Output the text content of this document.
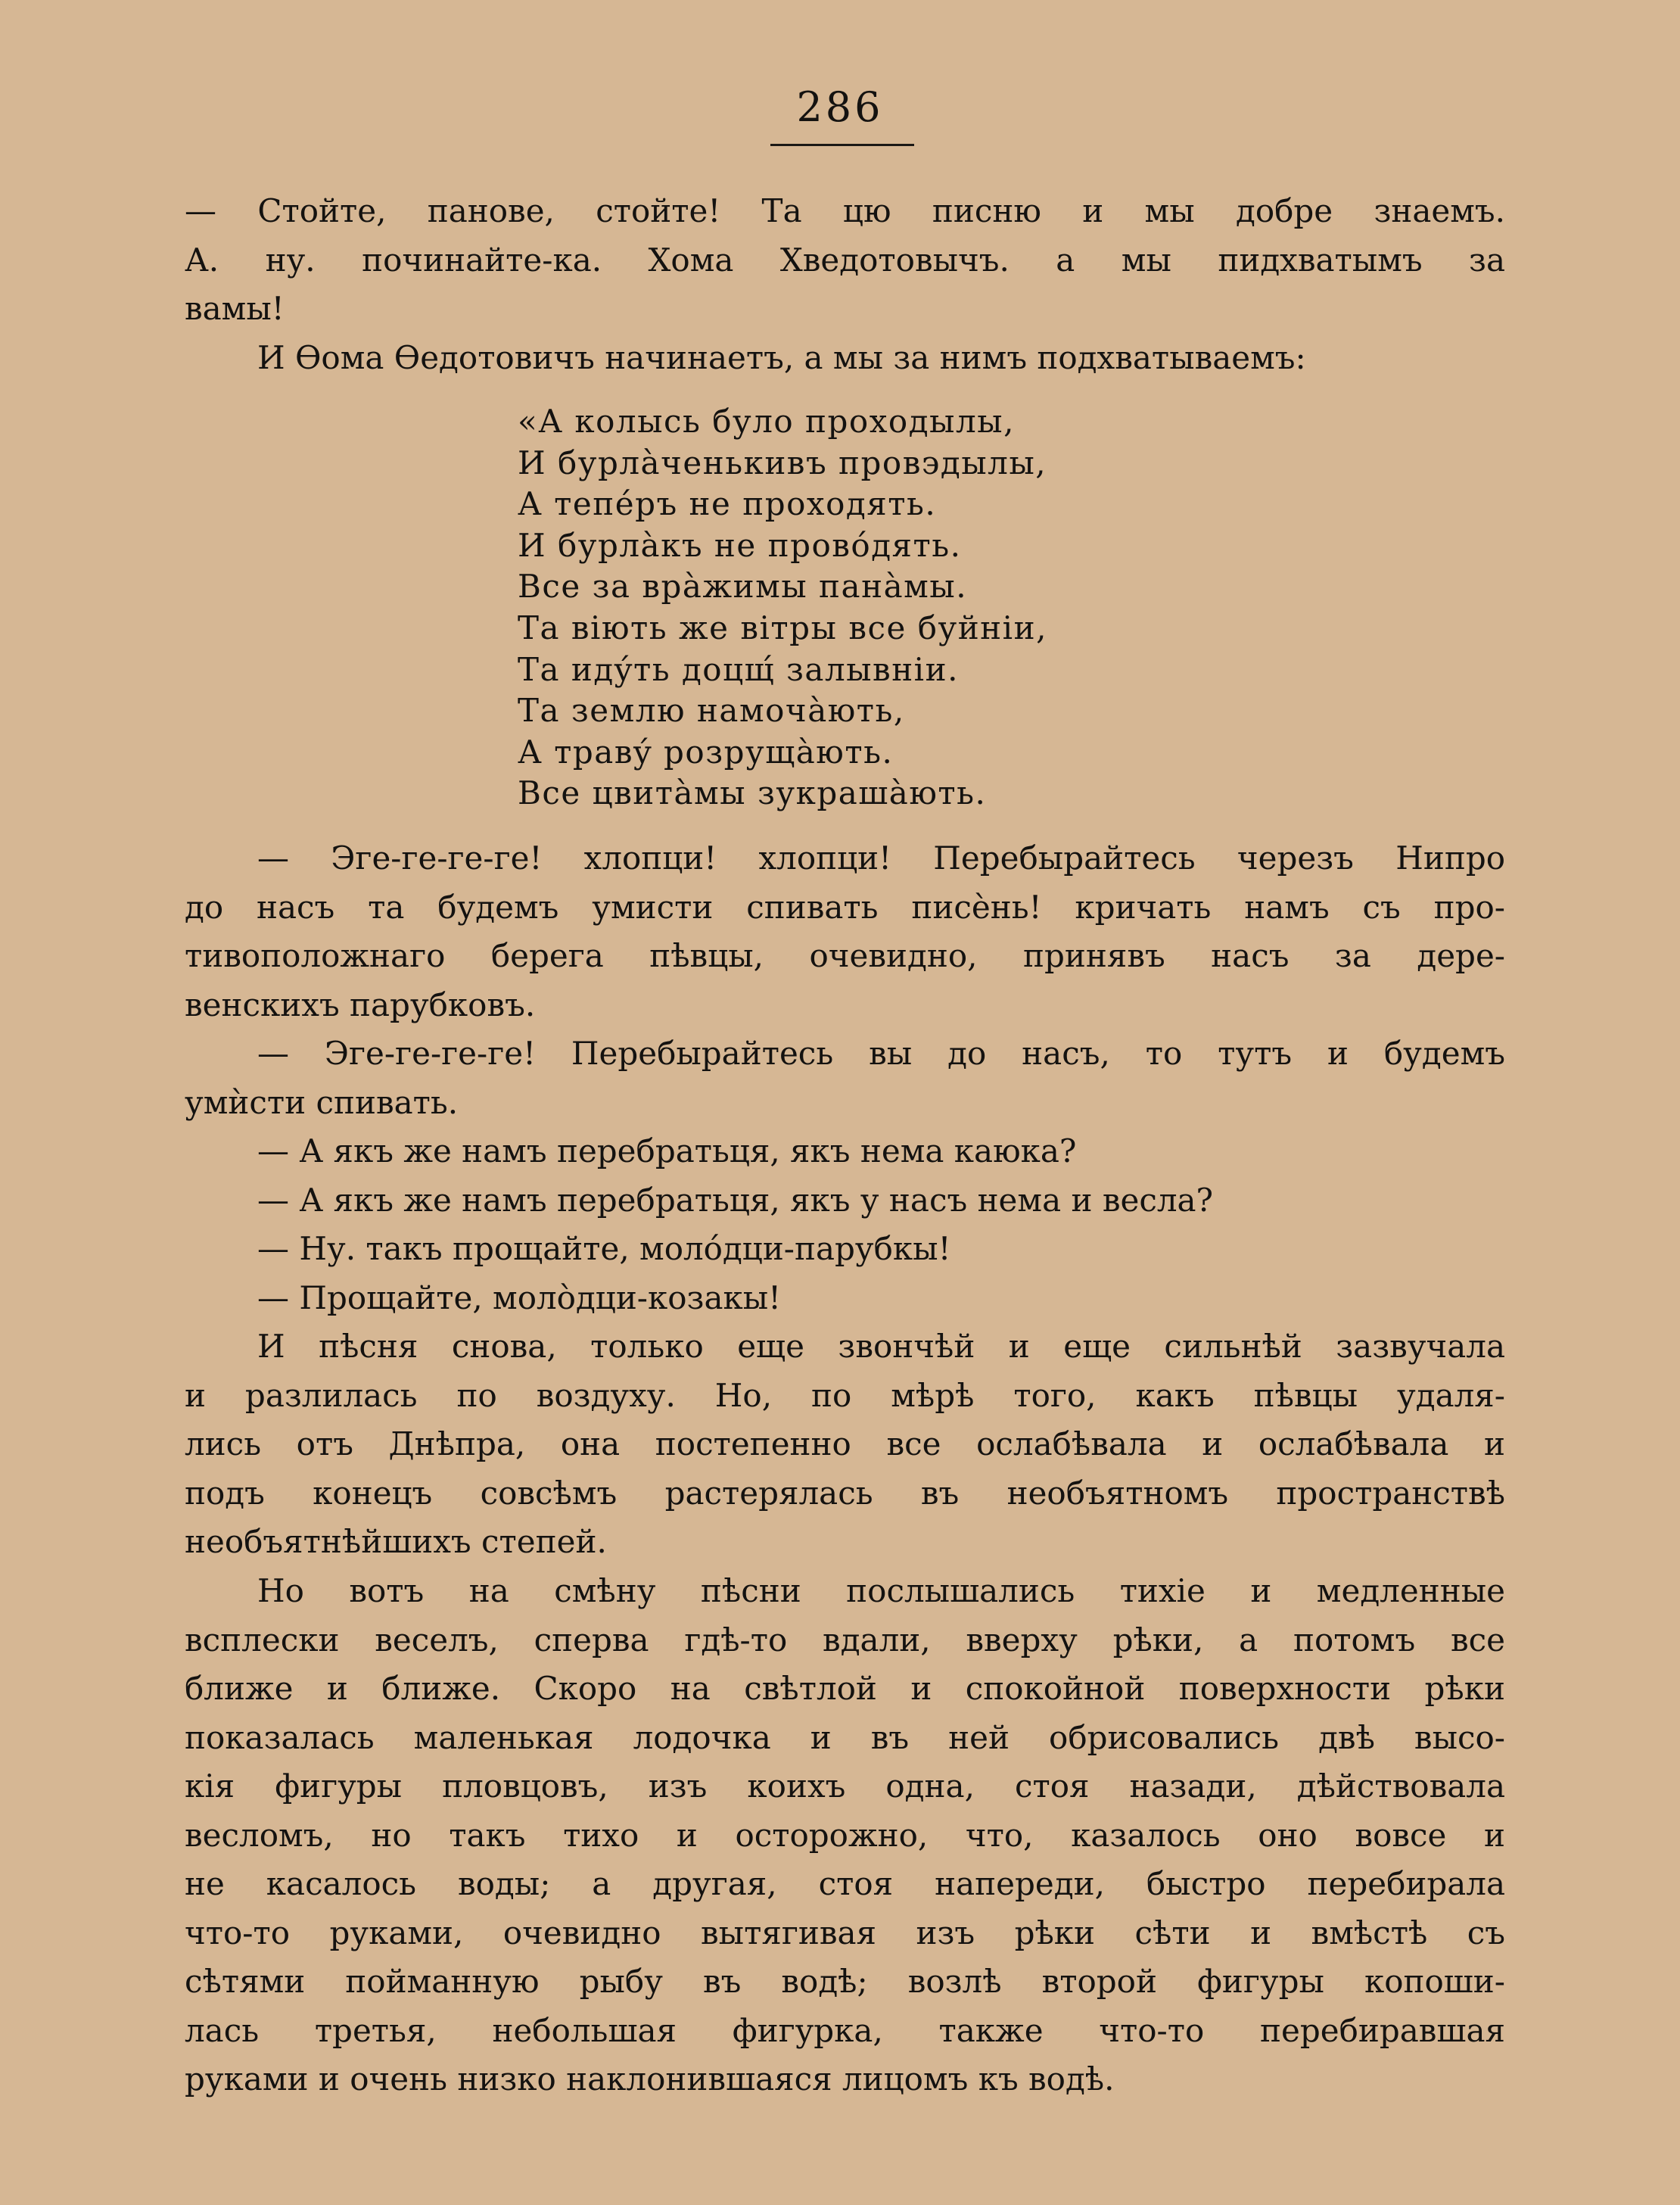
286
— Стойте, панове, стойте! Та цю писню и мы добре знаемъ.
А. ну. починайте-ка. Хома Хведотовычъ. а мы пидхватымъ за
вамы!
И Ѳома Ѳедотовичъ начинаетъ, а мы за нимъ подхватываемъ:
«А колысь було проходылы,
И бурлàченькивъ провэдылы,
А тепéръ не проходять.
И бурлàкъ не провóдять.
Все за врàжимы панàмы.
Та вiють же вiтры все буйнiи,
Та идýть доцщ́ залывнiи.
Та землю намочàють,
А травý розрущàють.
Все цвитàмы зукрашàють.
— Эге-ге-ге-ге! хлопци! хлопци! Перебырайтесь черезъ Нипро
до насъ та будемъ умисти спивать писèнь! кричать намъ съ про-
тивоположнаго берега пѣвцы, очевидно, принявъ насъ за дере-
венскихъ парубковъ.
— Эге-ге-ге-ге! Перебырайтесь вы до насъ, то тутъ и будемъ
умѝсти спивать.
— А якъ же намъ перебратьця, якъ нема каюка?
— А якъ же намъ перебратьця, якъ у насъ нема и весла?
— Ну. такъ прощайте, молóдци-парубкы!
— Прощайте, молòдци-козакы!
И пѣсня снова, только еще звончѣй и еще сильнѣй зазвучала
и разлилась по воздуху. Но, по мѣрѣ того, какъ пѣвцы удаля-
лись отъ Днѣпра, она постепенно все ослабѣвала и ослабѣвала и
подъ конецъ совсѣмъ растерялась въ необъятномъ пространствѣ
необъятнѣйшихъ степей.
Но вотъ на смѣну пѣсни послышались тихiе и медленные
всплески веселъ, сперва гдѣ-то вдали, вверху рѣки, а потомъ все
ближе и ближе. Скоро на свѣтлой и спокойной поверхности рѣки
показалась маленькая лодочка и въ ней обрисовались двѣ высо-
кiя фигуры пловцовъ, изъ коихъ одна, стоя назади, дѣйствовала
весломъ, но такъ тихо и осторожно, что, казалось оно вовсе и
не касалось воды; а другая, стоя напереди, быстро перебирала
что-то руками, очевидно вытягивая изъ рѣки сѣти и вмѣстѣ съ
сѣтями пойманную рыбу въ водѣ; возлѣ второй фигуры копоши-
лась третья, небольшая фигурка, также что-то перебиравшая
руками и очень низко наклонившаяся лицомъ къ водѣ.
